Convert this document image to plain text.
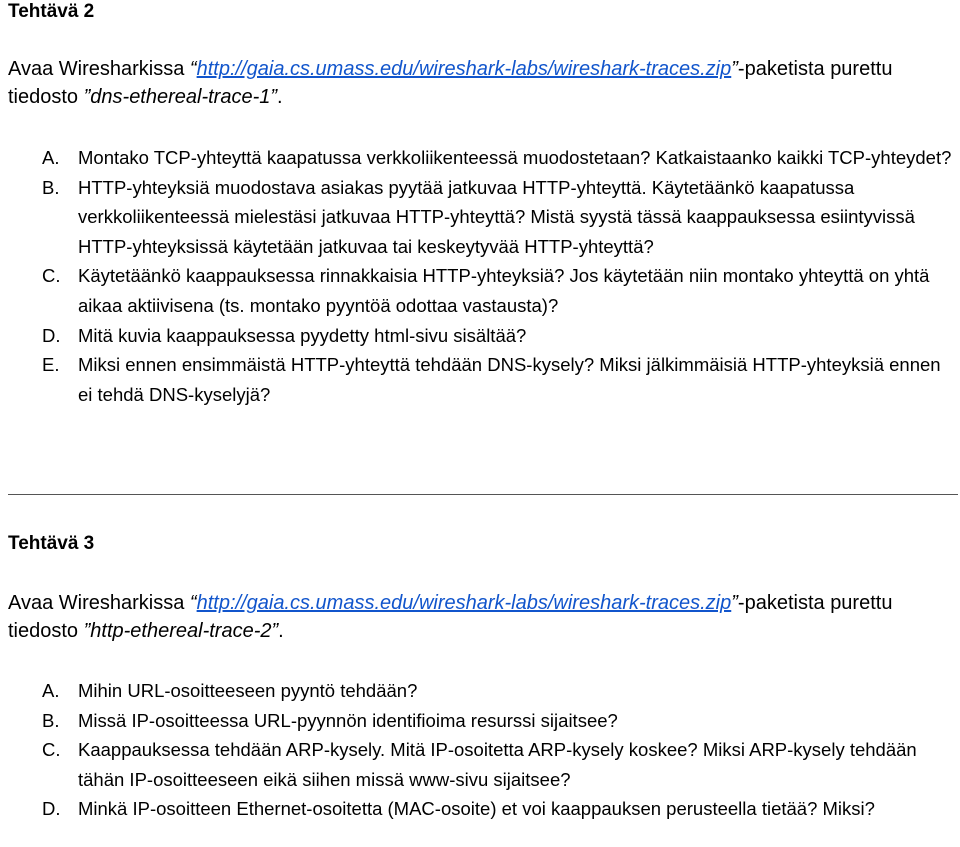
Tehtävä 2

Avaa Wiresharkissa “http://gaia.cs.umass.edu/wireshark-labs/wireshark-traces.zip”-paketista purettu tiedosto ”dns-ethereal-trace-1”.

A. Montako TCP-yhteyttä kaapatussa verkkoliikenteessä muodostetaan? Katkaistaanko kaikki TCP-yhteydet?
B. HTTP-yhteyksiä muodostava asiakas pyytää jatkuvaa HTTP-yhteyttä. Käytetäänkö kaapatussa verkkoliikenteessä mielestäsi jatkuvaa HTTP-yhteyttä? Mistä syystä tässä kaappauksessa esiintyvissä HTTP-yhteyksissä käytetään jatkuvaa tai keskeytyvää HTTP-yhteyttä?
C. Käytetäänkö kaappauksessa rinnakkaisia HTTP-yhteyksiä? Jos käytetään niin montako yhteyttä on yhtä aikaa aktiivisena (ts. montako pyyntöä odottaa vastausta)?
D. Mitä kuvia kaappauksessa pyydetty html-sivu sisältää?
E. Miksi ennen ensimmäistä HTTP-yhteyttä tehdään DNS-kysely? Miksi jälkimmäisiä HTTP-yhteyksiä ennen ei tehdä DNS-kyselyjä?
Tehtävä 3

Avaa Wiresharkissa “http://gaia.cs.umass.edu/wireshark-labs/wireshark-traces.zip”-paketista purettu tiedosto ”http-ethereal-trace-2”.

A. Mihin URL-osoitteeseen pyyntö tehdään?
B. Missä IP-osoitteessa URL-pyynnön identifioima resurssi sijaitsee?
C. Kaappauksessa tehdään ARP-kysely. Mitä IP-osoitetta ARP-kysely koskee? Miksi ARP-kysely tehdään tähän IP-osoitteeseen eikä siihen missä www-sivu sijaitsee?
D. Minkä IP-osoitteen Ethernet-osoitetta (MAC-osoite) et voi kaappauksen perusteella tietää? Miksi?
